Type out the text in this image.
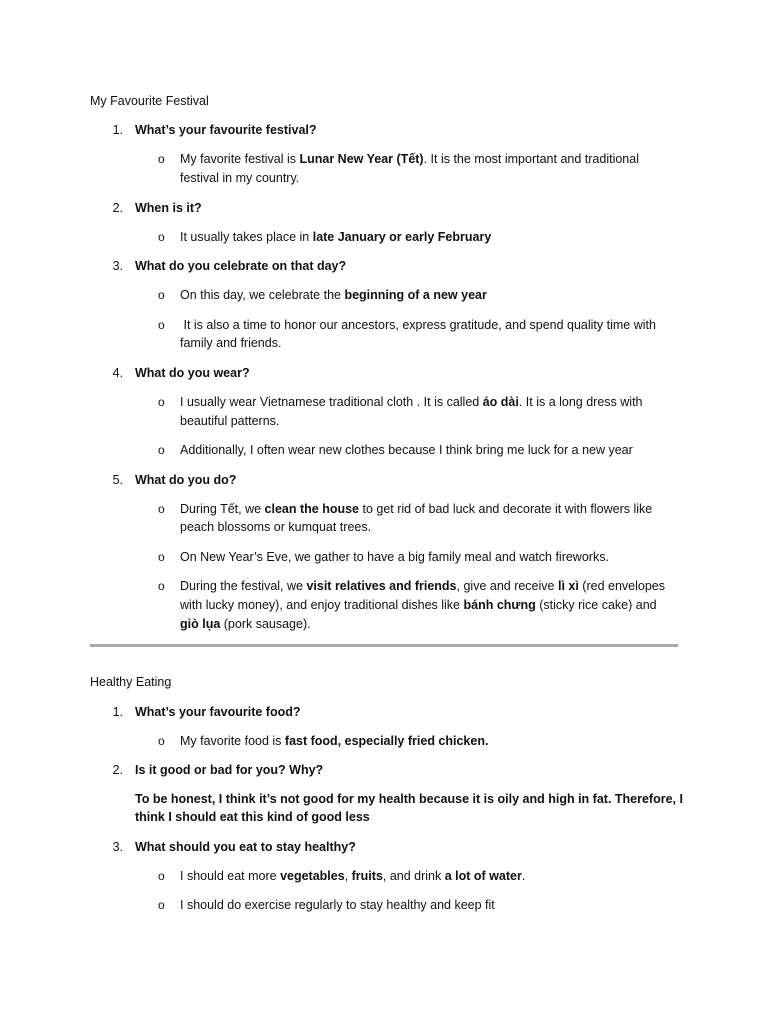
My Favourite Festival
1. What’s your favourite festival?
o My favorite festival is Lunar New Year (Tết). It is the most important and traditional
festival in my country.
2. When is it?
o It usually takes place in late January or early February
3. What do you celebrate on that day?
o On this day, we celebrate the beginning of a new year
o It is also a time to honor our ancestors, express gratitude, and spend quality time with
family and friends.
4. What do you wear?
o I usually wear Vietnamese traditional cloth . It is called áo dài. It is a long dress with
beautiful patterns.
o Additionally, I often wear new clothes because I think bring me luck for a new year
5. What do you do?
o During Tết, we clean the house to get rid of bad luck and decorate it with flowers like
peach blossoms or kumquat trees.
o On New Year’s Eve, we gather to have a big family meal and watch fireworks.
o During the festival, we visit relatives and friends, give and receive lì xì (red envelopes
with lucky money), and enjoy traditional dishes like bánh chưng (sticky rice cake) and
giò lụa (pork sausage).
Healthy Eating
1. What’s your favourite food?
o My favorite food is fast food, especially fried chicken.
2. Is it good or bad for you? Why?
To be honest, I think it’s not good for my health because it is oily and high in fat. Therefore, I
think I should eat this kind of good less
3. What should you eat to stay healthy?
o I should eat more vegetables, fruits, and drink a lot of water.
o I should do exercise regularly to stay healthy and keep fit
